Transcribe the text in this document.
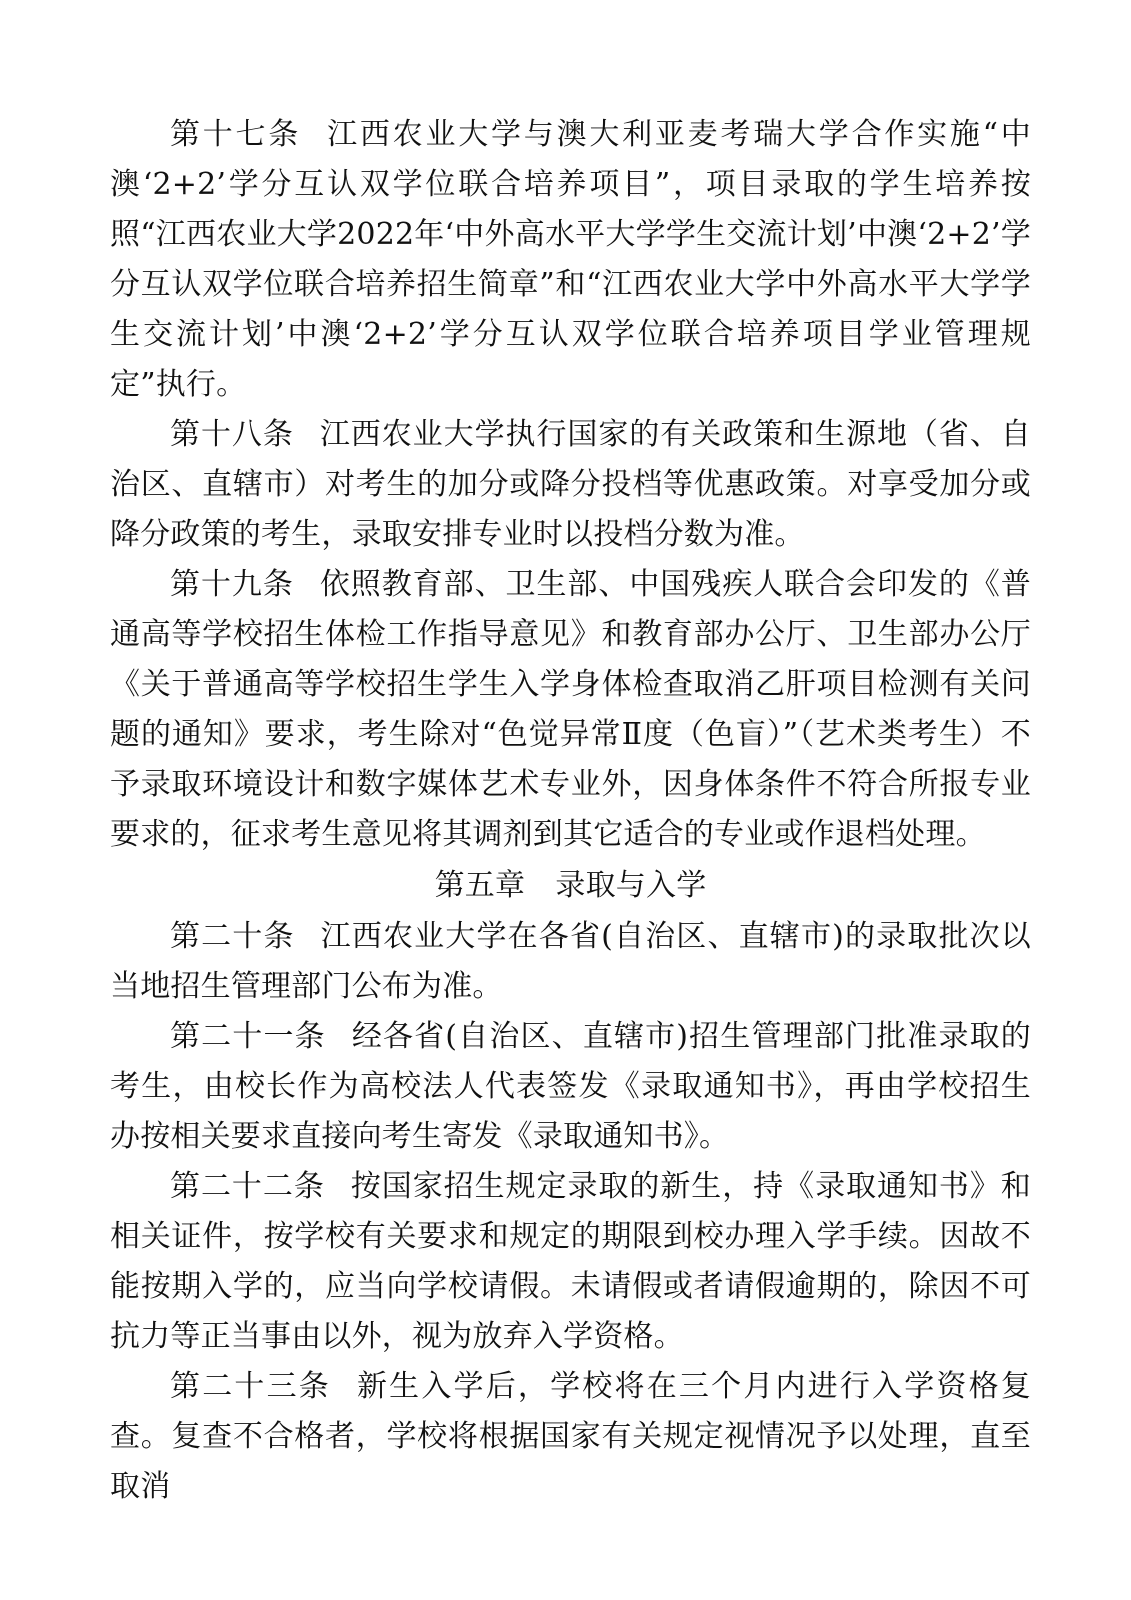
第十七条 江西农业大学与澳大利亚麦考瑞大学合作实施“中澳‘2+2’学分互认双学位联合培养项目”，项目录取的学生培养按照“江西农业大学2022年‘中外高水平大学学生交流计划’中澳‘2+2’学分互认双学位联合培养招生简章”和“江西农业大学中外高水平大学学生交流计划’中澳‘2+2’学分互认双学位联合培养项目学业管理规定”执行。

第十八条 江西农业大学执行国家的有关政策和生源地（省、自治区、直辖市）对考生的加分或降分投档等优惠政策。对享受加分或降分政策的考生，录取安排专业时以投档分数为准。

第十九条 依照教育部、卫生部、中国残疾人联合会印发的《普通高等学校招生体检工作指导意见》和教育部办公厅、卫生部办公厅《关于普通高等学校招生学生入学身体检查取消乙肝项目检测有关问题的通知》要求，考生除对“色觉异常Ⅱ度（色盲）”（艺术类考生）不予录取环境设计和数字媒体艺术专业外，因身体条件不符合所报专业要求的，征求考生意见将其调剂到其它适合的专业或作退档处理。

第五章　录取与入学

第二十条 江西农业大学在各省(自治区、直辖市)的录取批次以当地招生管理部门公布为准。

第二十一条 经各省(自治区、直辖市)招生管理部门批准录取的考生，由校长作为高校法人代表签发《录取通知书》，再由学校招生办按相关要求直接向考生寄发《录取通知书》。

第二十二条 按国家招生规定录取的新生，持《录取通知书》和相关证件，按学校有关要求和规定的期限到校办理入学手续。因故不能按期入学的，应当向学校请假。未请假或者请假逾期的，除因不可抗力等正当事由以外，视为放弃入学资格。

第二十三条 新生入学后，学校将在三个月内进行入学资格复查。复查不合格者，学校将根据国家有关规定视情况予以处理，直至取消
